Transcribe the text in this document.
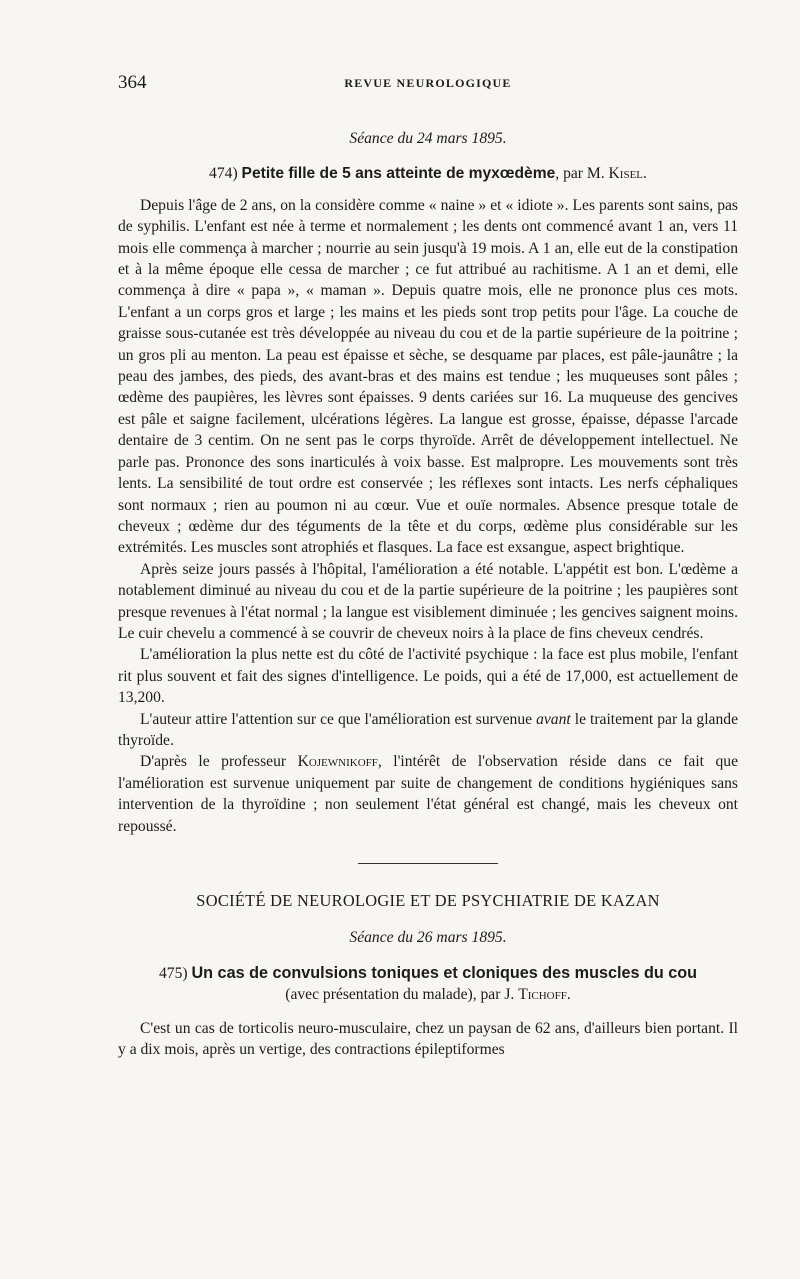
364	REVUE NEUROLOGIQUE
Séance du 24 mars 1895.
474) Petite fille de 5 ans atteinte de myxœdème, par M. Kisel.

Depuis l'âge de 2 ans, on la considère comme « naine » et « idiote ». Les parents sont sains, pas de syphilis. L'enfant est née à terme et normalement ; les dents ont commencé avant 1 an, vers 11 mois elle commença à marcher ; nourrie au sein jusqu'à 19 mois. A 1 an, elle eut de la constipation et à la même époque elle cessa de marcher ; ce fut attribué au rachitisme. A 1 an et demi, elle commença à dire « papa », « maman ». Depuis quatre mois, elle ne prononce plus ces mots. L'enfant a un corps gros et large ; les mains et les pieds sont trop petits pour l'âge. La couche de graisse sous-cutanée est très développée au niveau du cou et de la partie supérieure de la poitrine ; un gros pli au menton. La peau est épaisse et sèche, se desquame par places, est pâle-jaunâtre ; la peau des jambes, des pieds, des avant-bras et des mains est tendue ; les muqueuses sont pâles ; œdème des paupières, les lèvres sont épaisses. 9 dents cariées sur 16. La muqueuse des gencives est pâle et saigne facilement, ulcérations légères. La langue est grosse, épaisse, dépasse l'arcade dentaire de 3 centim. On ne sent pas le corps thyroïde. Arrêt de développement intellectuel. Ne parle pas. Prononce des sons inarticulés à voix basse. Est malpropre. Les mouvements sont très lents. La sensibilité de tout ordre est conservée ; les réflexes sont intacts. Les nerfs céphaliques sont normaux ; rien au poumon ni au cœur. Vue et ouïe normales. Absence presque totale de cheveux ; œdème dur des téguments de la tête et du corps, œdème plus considérable sur les extrémités. Les muscles sont atrophiés et flasques. La face est exsangue, aspect brightique.

Après seize jours passés à l'hôpital, l'amélioration a été notable. L'appétit est bon. L'œdème a notablement diminué au niveau du cou et de la partie supérieure de la poitrine ; les paupières sont presque revenues à l'état normal ; la langue est visiblement diminuée ; les gencives saignent moins. Le cuir chevelu a commencé à se couvrir de cheveux noirs à la place de fins cheveux cendrés.

L'amélioration la plus nette est du côté de l'activité psychique : la face est plus mobile, l'enfant rit plus souvent et fait des signes d'intelligence. Le poids, qui a été de 17,000, est actuellement de 13,200.

L'auteur attire l'attention sur ce que l'amélioration est survenue avant le traitement par la glande thyroïde.

D'après le professeur Kojewnikoff, l'intérêt de l'observation réside dans ce fait que l'amélioration est survenue uniquement par suite de changement de conditions hygiéniques sans intervention de la thyroïdine ; non seulement l'état général est changé, mais les cheveux ont repoussé.

SOCIÉTÉ DE NEUROLOGIE ET DE PSYCHIATRIE DE KAZAN
Séance du 26 mars 1895.
475) Un cas de convulsions toniques et cloniques des muscles du cou
(avec présentation du malade), par J. Tichoff.

C'est un cas de torticolis neuro-musculaire, chez un paysan de 62 ans, d'ailleurs bien portant. Il y a dix mois, après un vertige, des contractions épileptiformes
